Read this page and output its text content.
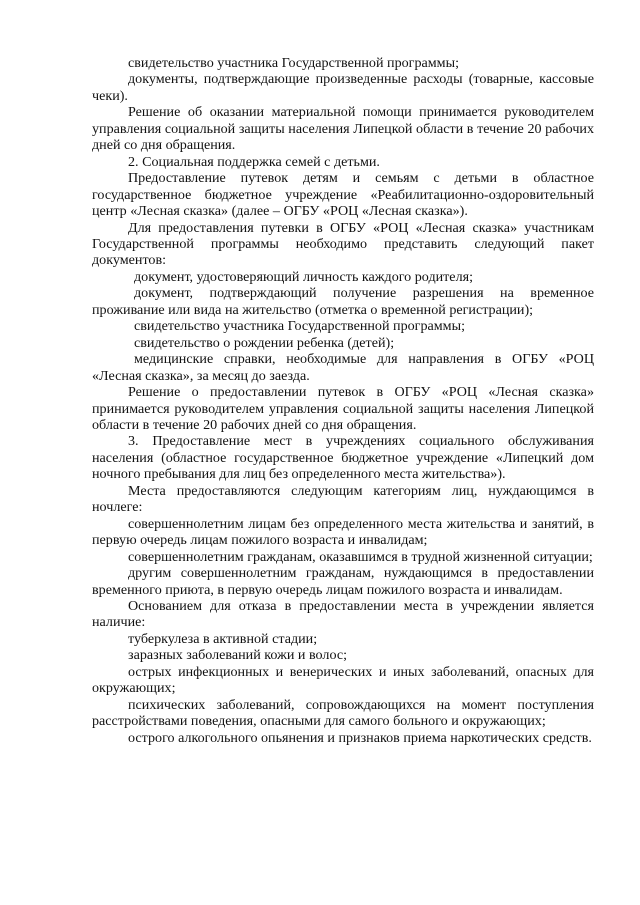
свидетельство участника Государственной программы;

документы, подтверждающие произведенные расходы (товарные, кассовые чеки).

Решение об оказании материальной помощи принимается руководителем управления социальной защиты населения Липецкой области в течение 20 рабочих дней со дня обращения.

2. Социальная поддержка семей с детьми.

Предоставление путевок детям и семьям с детьми в областное государственное бюджетное учреждение «Реабилитационно-оздоровительный центр «Лесная сказка» (далее – ОГБУ «РОЦ «Лесная сказка»).

Для предоставления путевки в ОГБУ «РОЦ «Лесная сказка» участникам Государственной программы необходимо представить следующий пакет документов:

документ, удостоверяющий личность каждого родителя;

документ, подтверждающий получение разрешения на временное проживание или вида на жительство (отметка о временной регистрации);

свидетельство участника Государственной программы;

свидетельство о рождении ребенка (детей);

медицинские справки, необходимые для направления в ОГБУ «РОЦ «Лесная сказка», за месяц до заезда.

Решение о предоставлении путевок в ОГБУ «РОЦ «Лесная сказка» принимается руководителем управления социальной защиты населения Липецкой области в течение 20 рабочих дней со дня обращения.

3. Предоставление мест в учреждениях социального обслуживания населения (областное государственное бюджетное учреждение «Липецкий дом ночного пребывания для лиц без определенного места жительства»).

Места предоставляются следующим категориям лиц, нуждающимся в ночлеге:

совершеннолетним лицам без определенного места жительства и занятий, в первую очередь лицам пожилого возраста и инвалидам;

совершеннолетним гражданам, оказавшимся в трудной жизненной ситуации;

другим совершеннолетним гражданам, нуждающимся в предоставлении временного приюта, в первую очередь лицам пожилого возраста и инвалидам.

Основанием для отказа в предоставлении места в учреждении является наличие:

туберкулеза в активной стадии;

заразных заболеваний кожи и волос;

острых инфекционных и венерических и иных заболеваний, опасных для окружающих;

психических заболеваний, сопровождающихся на момент поступления расстройствами поведения, опасными для самого больного и окружающих;

острого алкогольного опьянения и признаков приема наркотических средств.
